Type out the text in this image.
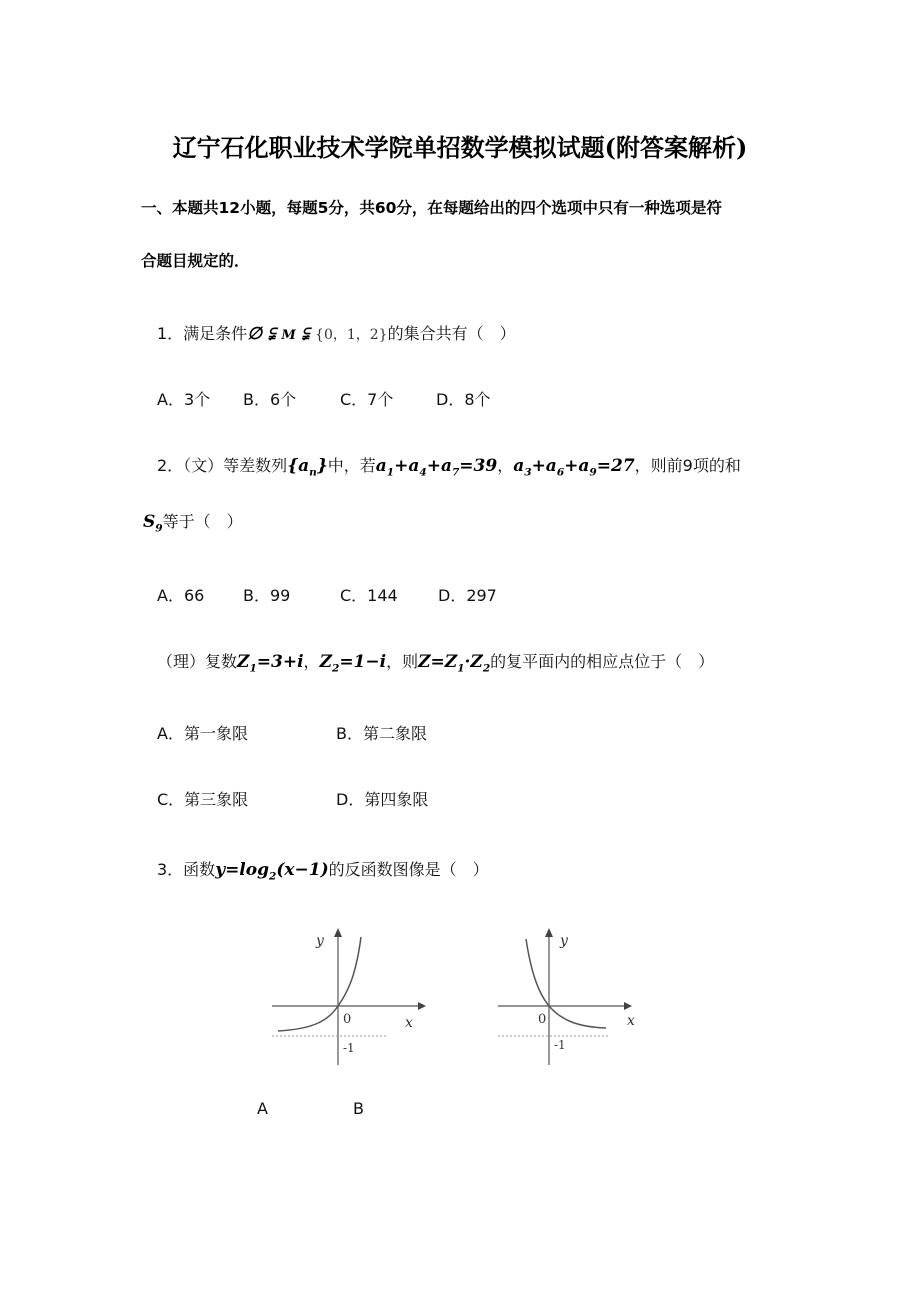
辽宁石化职业技术学院单招数学模拟试题(附答案解析)
一、本题共12小题，每题5分，共60分，在每题给出的四个选项中只有一种选项是符
合题目规定的．
1．满足条件∅ ⫋ M ⫋ {0，1，2}的集合共有（　）
A．3个 B．6个	C．7个	D．8个
2．（文）等差数列$\{a_n\}$中，若$a_1+a_4+a_7=39$，$a_3+a_6+a_9=27$，则前9项的和
$S_9$等于（　）
A．66 B．99	C．144	D．297
（理）复数$Z_1=3+i$，$Z_2=1-i$，则$Z=Z_1\cdot Z_2$的复平面内的相应点位于（　）
A．第一象限	B．第二象限
C．第三象限	D．第四象限
3．函数$y=\log_2(x-1)$的反函数图像是（　）
y
x
0
-1
y
x
0
-1
A	B
